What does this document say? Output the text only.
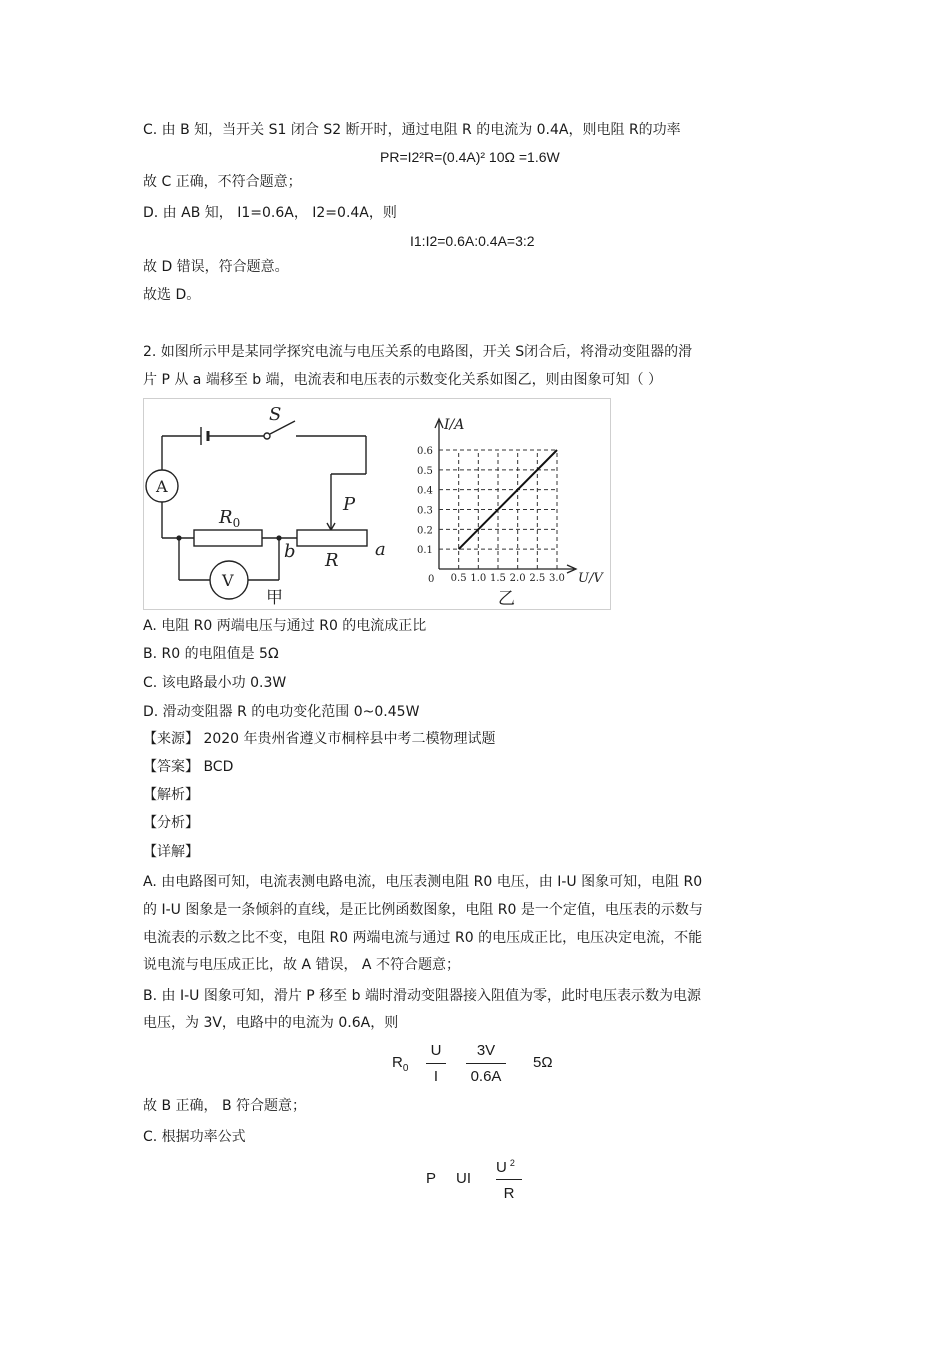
C. 由 B 知，当开关 S1 闭合 S2 断开时，通过电阻 R 的电流为 0.4A，则电阻 R的功率
PR=I2²R=(0.4A)² 10Ω =1.6W
故 C 正确，不符合题意；
D. 由 AB 知， I1=0.6A， I2=0.4A，则
I1:I2=0.6A:0.4A=3:2
故 D 错误，符合题意。
故选 D。
2. 如图所示甲是某同学探究电流与电压关系的电路图，开关 S闭合后，将滑动变阻器的滑
片 P 从 a 端移至 b 端，电流表和电压表的示数变化关系如图乙，则由图象可知（ ）
S
A
V
$R_0$
P
R
a
b
甲
0.5 1.0 1.5 2.0 2.5 3.0
0.1
0.2
0.3
0.4
0.5
0.6
I/A
U/V
0
乙
A. 电阻 R0 两端电压与通过 R0 的电流成正比
B. R0 的电阻值是 5Ω
C. 该电路最小功 0.3W
D. 滑动变阻器 R 的电功变化范围 0~0.45W
【来源】 2020 年贵州省遵义市桐梓县中考二模物理试题
【答案】 BCD
【解析】
【分析】
【详解】
A. 由电路图可知，电流表测电路电流，电压表测电阻 R0 电压，由 I-U 图象可知，电阻 R0
的 I-U 图象是一条倾斜的直线，是正比例函数图象，电阻 R0 是一个定值，电压表的示数与
电流表的示数之比不变，电阻 R0 两端电流与通过 R0 的电压成正比，电压决定电流，不能
说电流与电压成正比，故 A 错误， A 不符合题意；
B. 由 I-U 图象可知，滑片 P 移至 b 端时滑动变阻器接入阻值为零，此时电压表示数为电源
电压，为 3V，电路中的电流为 0.6A，则
$R_0$
U
I
3V
0.6A
5Ω
故 B 正确， B 符合题意；
C. 根据功率公式
P UI
U $^2$
R
